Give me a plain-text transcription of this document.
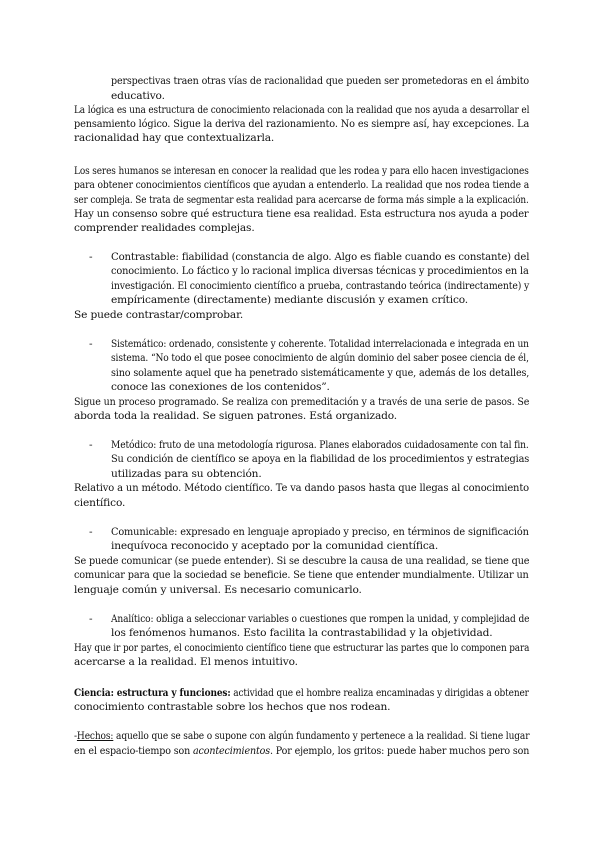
perspectivas traen otras vías de racionalidad que pueden ser prometedoras en el ámbito
educativo.
La lógica es una estructura de conocimiento relacionada con la realidad que nos ayuda a desarrollar el
pensamiento lógico. Sigue la deriva del razionamiento. No es siempre así, hay excepciones. La
racionalidad hay que contextualizarla.
Los seres humanos se interesan en conocer la realidad que les rodea y para ello hacen investigaciones
para obtener conocimientos científicos que ayudan a entenderlo. La realidad que nos rodea tiende a
ser compleja. Se trata de segmentar esta realidad para acercarse de forma más simple a la explicación.
Hay un consenso sobre qué estructura tiene esa realidad. Esta estructura nos ayuda a poder
comprender realidades complejas.
- Contrastable: fiabilidad (constancia de algo. Algo es fiable cuando es constante) del
conocimiento. Lo fáctico y lo racional implica diversas técnicas y procedimientos en la
investigación. El conocimiento científico a prueba, contrastando teórica (indirectamente) y
empíricamente (directamente) mediante discusión y examen crítico.
Se puede contrastar/comprobar.
- Sistemático: ordenado, consistente y coherente. Totalidad interrelacionada e integrada en un
sistema. “No todo el que posee conocimiento de algún dominio del saber posee ciencia de él,
sino solamente aquel que ha penetrado sistemáticamente y que, además de los detalles,
conoce las conexiones de los contenidos”.
Sigue un proceso programado. Se realiza con premeditación y a través de una serie de pasos. Se
aborda toda la realidad. Se siguen patrones. Está organizado.
- Metódico: fruto de una metodología rigurosa. Planes elaborados cuidadosamente con tal fin.
Su condición de científico se apoya en la fiabilidad de los procedimientos y estrategias
utilizadas para su obtención.
Relativo a un método. Método científico. Te va dando pasos hasta que llegas al conocimiento
científico.
- Comunicable: expresado en lenguaje apropiado y preciso, en términos de significación
inequívoca reconocido y aceptado por la comunidad científica.
Se puede comunicar (se puede entender). Si se descubre la causa de una realidad, se tiene que
comunicar para que la sociedad se beneficie. Se tiene que entender mundialmente. Utilizar un
lenguaje común y universal. Es necesario comunicarlo.
- Analítico: obliga a seleccionar variables o cuestiones que rompen la unidad, y complejidad de
los fenómenos humanos. Esto facilita la contrastabilidad y la objetividad.
Hay que ir por partes, el conocimiento científico tiene que estructurar las partes que lo componen para
acercarse a la realidad. El menos intuitivo.
Ciencia: estructura y funciones: actividad que el hombre realiza encaminadas y dirigidas a obtener
conocimiento contrastable sobre los hechos que nos rodean.
-Hechos: aquello que se sabe o supone con algún fundamento y pertenece a la realidad. Si tiene lugar
en el espacio-tiempo son acontecimientos. Por ejemplo, los gritos: puede haber muchos pero son
